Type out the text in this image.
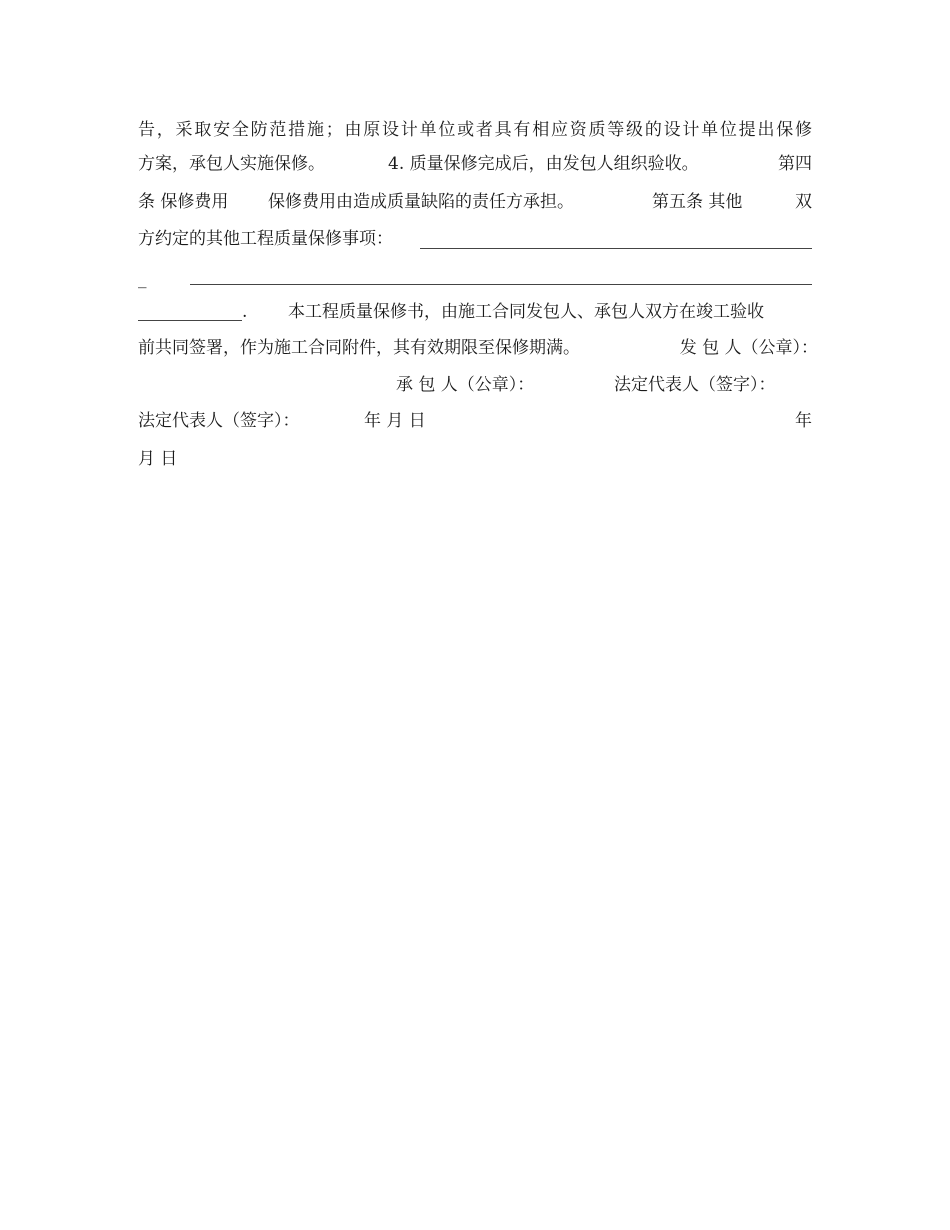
告，采取安全防范措施；由原设计单位或者具有相应资质等级的设计单位提出保修
方案，承包人实施保修。	4. 质量保修完成后，由发包人组织验收。	第四
条 保修费用 保修费用由造成质量缺陷的责任方承担。	第五条 其他	双
方约定的其他工程质量保修事项：
_
. 本工程质量保修书，由施工合同发包人、承包人双方在竣工验收
前共同签署，作为施工合同附件，其有效期限至保修期满。	发 包 人（公章）：
承 包 人（公章）：	法定代表人（签字）：
法定代表人（签字）：	年 月 日	年
月 日
